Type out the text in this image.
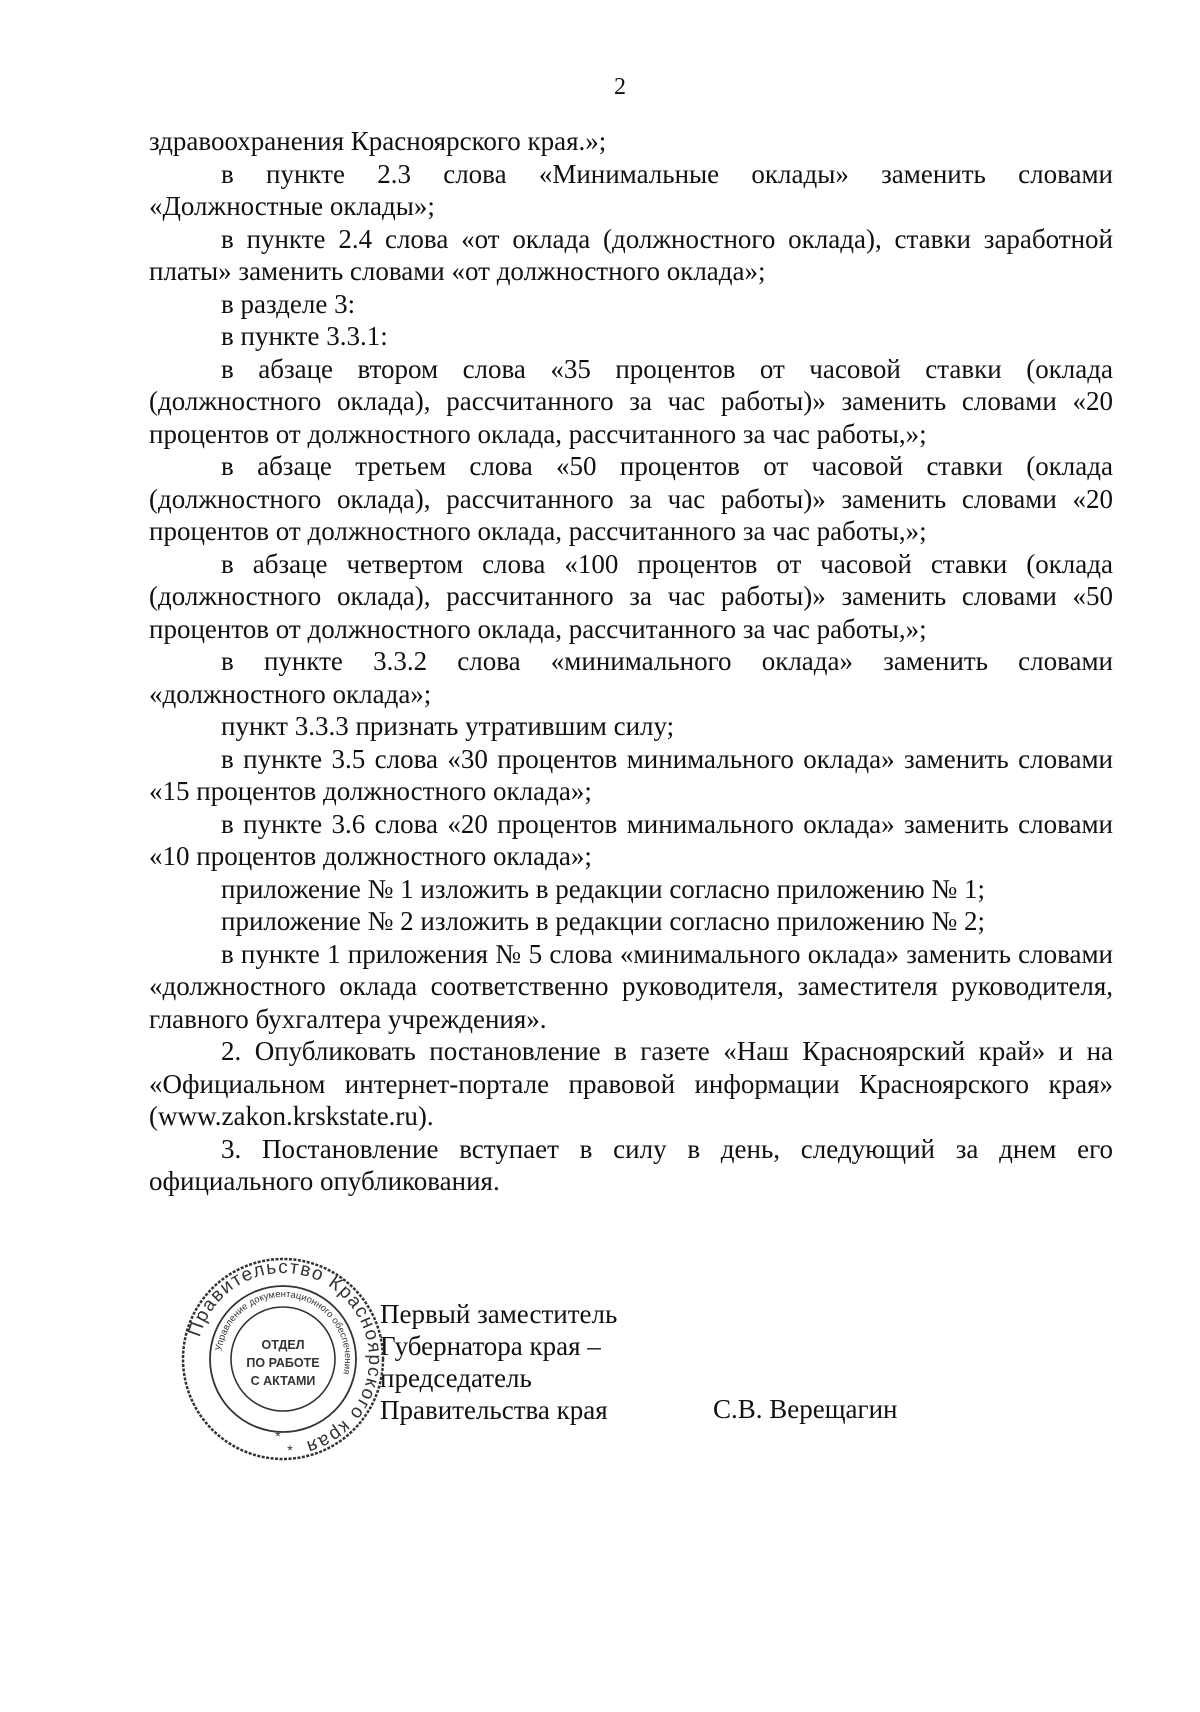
2

здравоохранения Красноярского края.»;

в пункте 2.3 слова «Минимальные оклады» заменить словами «Должностные оклады»;

в пункте 2.4 слова «от оклада (должностного оклада), ставки заработной платы» заменить словами «от должностного оклада»;

в разделе 3:

в пункте 3.3.1:

в абзаце втором слова «35 процентов от часовой ставки (оклада (должностного оклада), рассчитанного за час работы)» заменить словами «20 процентов от должностного оклада, рассчитанного за час работы,»;

в абзаце третьем слова «50 процентов от часовой ставки (оклада (должностного оклада), рассчитанного за час работы)» заменить словами «20 процентов от должностного оклада, рассчитанного за час работы,»;

в абзаце четвертом слова «100 процентов от часовой ставки (оклада (должностного оклада), рассчитанного за час работы)» заменить словами «50 процентов от должностного оклада, рассчитанного за час работы,»;

в пункте 3.3.2 слова «минимального оклада» заменить словами «должностного оклада»;

пункт 3.3.3 признать утратившим силу;

в пункте 3.5 слова «30 процентов минимального оклада» заменить словами «15 процентов должностного оклада»;

в пункте 3.6 слова «20 процентов минимального оклада» заменить словами «10 процентов должностного оклада»;

приложение № 1 изложить в редакции согласно приложению № 1;

приложение № 2 изложить в редакции согласно приложению № 2;

в пункте 1 приложения № 5 слова «минимального оклада» заменить словами «должностного оклада соответственно руководителя, заместителя руководителя, главного бухгалтера учреждения».

2. Опубликовать постановление в газете «Наш Красноярский край» и на «Официальном интернет-портале правовой информации Красноярского края» (www.zakon.krskstate.ru).

3. Постановление вступает в силу в день, следующий за днем его официального опубликования.

Первый заместитель
Губернатора края –
председатель
Правительства края	С.В. Верещагин
Правительство Красноярского края
Управление документационного обеспечения
ОТДЕЛ
ПО РАБОТЕ
С АКТАМИ
*
*
